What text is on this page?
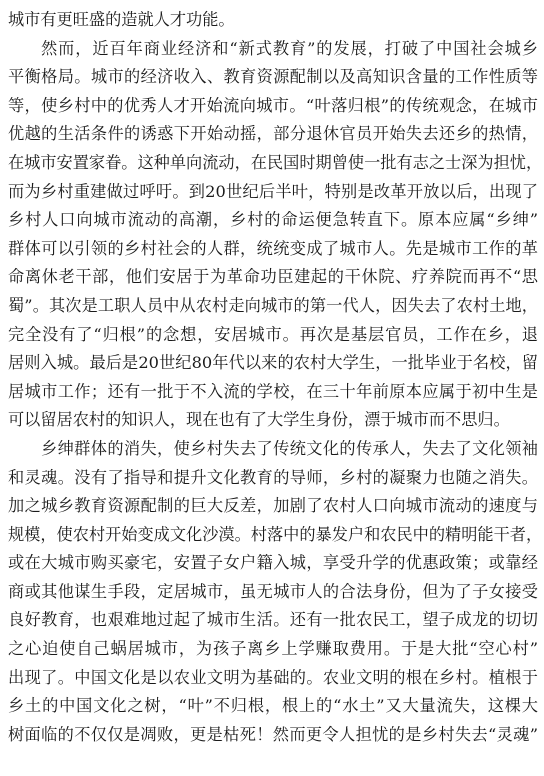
城市有更旺盛的造就人才功能。
然而，近百年商业经济和“新式教育”的发展，打破了中国社会城乡
平衡格局。城市的经济收入、教育资源配制以及高知识含量的工作性质等
等，使乡村中的优秀人才开始流向城市。“叶落归根”的传统观念，在城市
优越的生活条件的诱惑下开始动摇，部分退休官员开始失去还乡的热情，
在城市安置家眷。这种单向流动，在民国时期曾使一批有志之士深为担忧，
而为乡村重建做过呼吁。到20世纪后半叶，特别是改革开放以后，出现了
乡村人口向城市流动的高潮，乡村的命运便急转直下。原本应属“乡绅”
群体可以引领的乡村社会的人群，统统变成了城市人。先是城市工作的革
命离休老干部，他们安居于为革命功臣建起的干休院、疗养院而再不“思
蜀”。其次是工职人员中从农村走向城市的第一代人，因失去了农村土地，
完全没有了“归根”的念想，安居城市。再次是基层官员，工作在乡，退
居则入城。最后是20世纪80年代以来的农村大学生，一批毕业于名校，留
居城市工作；还有一批于不入流的学校，在三十年前原本应属于初中生是
可以留居农村的知识人，现在也有了大学生身份，漂于城市而不思归。
乡绅群体的消失，使乡村失去了传统文化的传承人，失去了文化领袖
和灵魂。没有了指导和提升文化教育的导师，乡村的凝聚力也随之消失。
加之城乡教育资源配制的巨大反差，加剧了农村人口向城市流动的速度与
规模，使农村开始变成文化沙漠。村落中的暴发户和农民中的精明能干者，
或在大城市购买豪宅，安置子女户籍入城，享受升学的优惠政策；或靠经
商或其他谋生手段，定居城市，虽无城市人的合法身份，但为了子女接受
良好教育，也艰难地过起了城市生活。还有一批农民工，望子成龙的切切
之心迫使自己蜗居城市，为孩子离乡上学赚取费用。于是大批“空心村”
出现了。中国文化是以农业文明为基础的。农业文明的根在乡村。植根于
乡土的中国文化之树，“叶”不归根，根上的“水土”又大量流失，这棵大
树面临的不仅仅是凋败，更是枯死！然而更令人担忧的是乡村失去“灵魂”
